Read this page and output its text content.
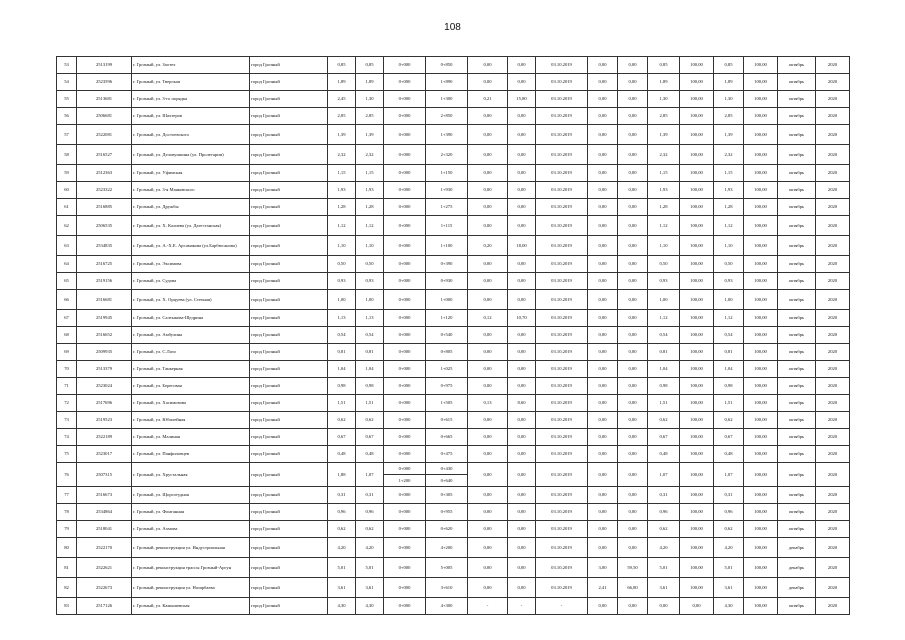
108
53	2513199	г. Грозный, ул. Зоотех	город Грозный	0,85	0,85	0+000	0+850	0,00	0,00	03.10.2019	0,00	0,00	0,85	100,00	0,85	100,00	октябрь	2020
54	2523596	г. Грозный, ул. Тверская	город Грозный	1,89	1,89	0+000	1+890	0,00	0,00	03.10.2019	0,00	0,00	1,89	100,00	1,89	100,00	октябрь	2020
55	2513681	г. Грозный, ул. 3-го порядка	город Грозный	2,45	1,30	0+000	1+300	0,21	15,80	03.10.2019	0,00	0,00	1,30	100,00	1,30	100,00	октябрь	2020
56	2506681	г. Грозный, ул. Шахтеров	город Грозный	2,85	2,85	0+000	2+850	0,00	0,00	03.10.2019	0,00	0,00	2,85	100,00	2,85	100,00	октябрь	2020
57	2522081	г. Грозный, ул. Достоевского	город Грозный	1,39	1,39	0+000	1+390	0,00	0,00	03.10.2019	0,00	0,00	1,39	100,00	1,39	100,00	октябрь	2020
58	2516527	г. Грозный, ул. Деловушкина (ул. Пролетарии)	город Грозный	2,32	2,32	0+000	2+320	0,00	0,00	03.10.2019	0,00	0,00	2,32	100,00	2,32	100,00	октябрь	2020
59	2512363	г. Грозный, ул. Уфимская	город Грозный	1,15	1,15	0+000	1+150	0,00	0,00	03.10.2019	0,00	0,00	1,15	100,00	1,15	100,00	октябрь	2020
60	2523322	г. Грозный, ул. 3-я Маяковского	город Грозный	1,93	1,93	0+000	1+930	0,00	0,00	03.10.2019	0,00	0,00	1,93	100,00	1,93	100,00	октябрь	2020
61	2516885	г. Грозный, ул. Дружбы	город Грозный	1,28	1,28	0+000	1+275	0,00	0,00	03.10.2019	0,00	0,00	1,28	100,00	1,28	100,00	октябрь	2020
62	2506535	г. Грозный, ул. Х. Калиева (ул. Дагестанская)	город Грозный	1,12	1,12	0+000	1+115	0,00	0,00	03.10.2019	0,00	0,00	1,12	100,00	1,12	100,00	октябрь	2020
63	2534835	г. Грозный, ул. А.-Х.Е. Арсамакова (ул.Барбюсанова)	город Грозный	1,10	1,10	0+000	1+100	0,20	18,00	03.10.2019	0,00	0,00	1,10	100,00	1,10	100,00	октябрь	2020
64	2516725	г. Грозный, ул. Эксимова	город Грозный	0,50	0,50	0+000	0+390	0,00	0,00	03.10.2019	0,00	0,00	0,50	100,00	0,50	100,00	октябрь	2020
65	2519156	г. Грозный, ул. Судова	город Грозный	0,93	0,93	0+000	0+930	0,00	0,00	03.10.2019	0,00	0,00	0,93	100,00	0,93	100,00	октябрь	2020
66	2516681	г. Грозный, ул. Х. Орцуева (ул. Степная)	город Грозный	1,00	1,00	0+000	1+000	0,00	0,00	03.10.2019	0,00	0,00	1,00	100,00	1,00	100,00	октябрь	2020
67	2519945	г. Грозный, ул. Салтыкова-Щедрина	город Грозный	1,13	1,13	0+000	1+120	0,12	10,70	03.10.2019	0,00	0,00	1,12	100,00	1,12	100,00	октябрь	2020
68	2516652	г. Грозный, ул. Амбулина	город Грозный	0,54	0,54	0+000	0+540	0,00	0,00	03.10.2019	0,00	0,00	0,54	100,00	0,54	100,00	октябрь	2020
69	2509935	г. Грозный, ул. С.Лазо	город Грозный	0,81	0,81	0+000	0+805	0,00	0,00	03.10.2019	0,00	0,00	0,81	100,00	0,81	100,00	октябрь	2020
70	2513379	г. Грозный, ул. Танкерная	город Грозный	1,04	1,04	0+000	1+025	0,00	0,00	03.10.2019	0,00	0,00	1,04	100,00	1,04	100,00	октябрь	2020
71	2523024	г. Грозный, ул. Береговая	город Грозный	0,98	0,98	0+000	0+975	0,00	0,00	03.10.2019	0,00	0,00	0,98	100,00	0,98	100,00	октябрь	2020
72	2517696	г. Грозный, ул. Хасимовова	город Грозный	1,51	1,51	0+000	1+505	0,13	8,60	03.10.2019	0,00	0,00	1,51	100,00	1,51	100,00	октябрь	2020
73	2519523	г. Грозный, ул. Юбилейная	город Грозный	0,62	0,62	0+000	0+615	0,00	0,00	03.10.2019	0,00	0,00	0,62	100,00	0,62	100,00	октябрь	2020
74	2522189	г. Грозный, ул. Малиная	город Грозный	0,67	0,67	0+000	0+665	0,00	0,00	03.10.2019	0,00	0,00	0,67	100,00	0,67	100,00	октябрь	2020
75	2523017	г. Грозный, ул. Панфиловцев	город Грозный	0,48	0,48	0+000	0+475	0,00	0,00	03.10.2019	0,00	0,00	0,48	100,00	0,48	100,00	октябрь	2020
76	2507315	г. Грозный, ул. Хрустальная	город Грозный	1,88	1,07	0+000	0+430	0,00	0,00	03.10.2019	0,00	0,00	1,07	100,00	1,07	100,00	октябрь	2020
						1+200	0+640											
77	2516673	г. Грозный, ул. Щорсотудная	город Грозный	0,31	0,31	0+000	0+305	0,00	0,00	03.10.2019	0,00	0,00	0,31	100,00	0,31	100,00	октябрь	2020
78	2534864	г. Грозный, ул. Фонтанная	город Грозный	0,96	0,96	0+000	0+955	0,00	0,00	03.10.2019	0,00	0,00	0,96	100,00	0,96	100,00	октябрь	2020
79	2518041	г. Грозный, ул. Ахмова	город Грозный	0,62	0,62	0+000	0+620	0,00	0,00	03.10.2019	0,00	0,00	0,62	100,00	0,62	100,00	октябрь	2020
80	2522170	г. Грозный, реконструкция ул. Индустриальная	город Грозный	4,20	4,20	0+000	4+200	0,00	0,00	03.10.2019	0,00	0,00	4,20	100,00	4,20	100,00	декабрь	2020
81	2522621	г. Грозный, реконструкция трассы Грозный-Аргун	город Грозный	5,01	5,01	0+000	5+005	0,00	0,00	03.10.2019	3,00	59,50	5,01	100,00	5,01	100,00	декабрь	2020
82	2522673	г. Грозный, реконструкция ул. Назарбаева	город Грозный	3,61	3,61	0+000	3+610	0,00	0,00	03.10.2019	2,41	66,80	3,61	100,00	3,61	100,00	декабрь	2020
83	2517126	г. Грозный, ул. Камышевская	город Грозный	4,30	4,30	0+000	4+300	-	-	-	0,00	0,00	0,00	0,00	4,30	100,00	октябрь	2020
